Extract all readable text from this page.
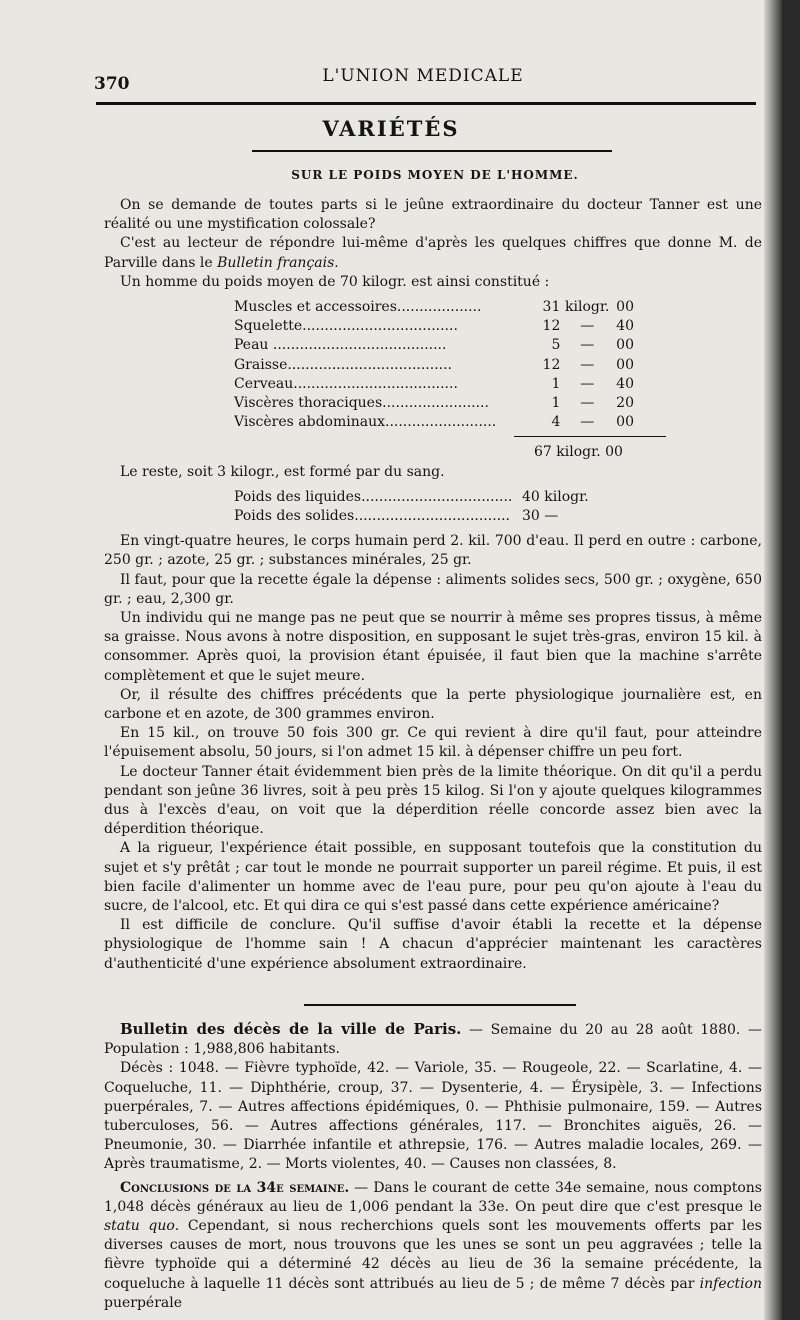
370	L'UNION MEDICALE
VARIÉTÉS
SUR LE POIDS MOYEN DE L'HOMME.

On se demande de toutes parts si le jeûne extraordinaire du docteur Tanner est une réalité ou une mystification colossale?

C'est au lecteur de répondre lui-même d'après les quelques chiffres que donne M. de Parville dans le Bulletin français.

Un homme du poids moyen de 70 kilogr. est ainsi constitué :

Muscles et accessoires...................	31 kilogr. 00
Squelette...................................	12	—	40
Peau .......................................	5	—	00
Graisse.....................................	12	—	00
Cerveau.....................................	1	—	40
Viscères thoraciques........................	1	—	20
Viscères abdominaux.........................	4	—	00
67 kilogr. 00

Le reste, soit 3 kilogr., est formé par du sang.

Poids des liquides.................................. 40 kilogr.
Poids des solides................................... 30 —

En vingt-quatre heures, le corps humain perd 2. kil. 700 d'eau. Il perd en outre : carbone, 250 gr. ; azote, 25 gr. ; substances minérales, 25 gr.

Il faut, pour que la recette égale la dépense : aliments solides secs, 500 gr. ; oxygène, 650 gr. ; eau, 2,300 gr.

Un individu qui ne mange pas ne peut que se nourrir à même ses propres tissus, à même sa graisse. Nous avons à notre disposition, en supposant le sujet très-gras, environ 15 kil. à consommer. Après quoi, la provision étant épuisée, il faut bien que la machine s'arrête complètement et que le sujet meure.

Or, il résulte des chiffres précédents que la perte physiologique journalière est, en carbone et en azote, de 300 grammes environ.

En 15 kil., on trouve 50 fois 300 gr. Ce qui revient à dire qu'il faut, pour atteindre l'épuisement absolu, 50 jours, si l'on admet 15 kil. à dépenser chiffre un peu fort.

Le docteur Tanner était évidemment bien près de la limite théorique. On dit qu'il a perdu pendant son jeûne 36 livres, soit à peu près 15 kilog. Si l'on y ajoute quelques kilogrammes dus à l'excès d'eau, on voit que la déperdition réelle concorde assez bien avec la déperdition théorique.

A la rigueur, l'expérience était possible, en supposant toutefois que la constitution du sujet et s'y prêtât ; car tout le monde ne pourrait supporter un pareil régime. Et puis, il est bien facile d'alimenter un homme avec de l'eau pure, pour peu qu'on ajoute à l'eau du sucre, de l'alcool, etc. Et qui dira ce qui s'est passé dans cette expérience américaine?

Il est difficile de conclure. Qu'il suffise d'avoir établi la recette et la dépense physiologique de l'homme sain ! A chacun d'apprécier maintenant les caractères d'authenticité d'une expérience absolument extraordinaire.

Bulletin des décès de la ville de Paris. — Semaine du 20 au 28 août 1880. — Population : 1,988,806 habitants.

Décès : 1048. — Fièvre typhoïde, 42. — Variole, 35. — Rougeole, 22. — Scarlatine, 4. — Coqueluche, 11. — Diphthérie, croup, 37. — Dysenterie, 4. — Érysipèle, 3. — Infections puerpérales, 7. — Autres affections épidémiques, 0. — Phthisie pulmonaire, 159. — Autres tuberculoses, 56. — Autres affections générales, 117. — Bronchites aiguës, 26. — Pneumonie, 30. — Diarrhée infantile et athrepsie, 176. — Autres maladie locales, 269. — Après traumatisme, 2. — Morts violentes, 40. — Causes non classées, 8.

Conclusions de la 34e semaine. — Dans le courant de cette 34e semaine, nous comptons 1,048 décès généraux au lieu de 1,006 pendant la 33e. On peut dire que c'est presque le statu quo. Cependant, si nous recherchions quels sont les mouvements offerts par les diverses causes de mort, nous trouvons que les unes se sont un peu aggravées ; telle la fièvre typhoïde qui a déterminé 42 décès au lieu de 36 la semaine précédente, la coqueluche à laquelle 11 décès sont attribués au lieu de 5 ; de même 7 décès par infection puerpérale
